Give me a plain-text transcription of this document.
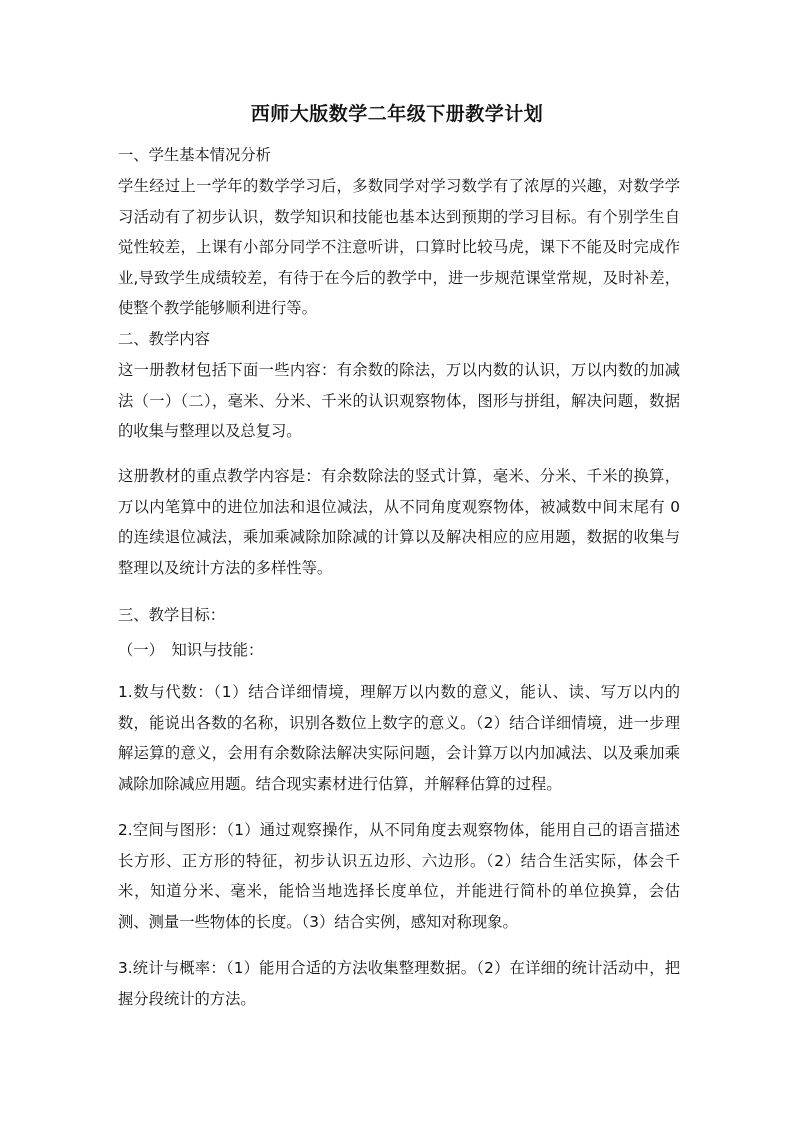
西师大版数学二年级下册教学计划

一、学生基本情况分析

学生经过上一学年的数学学习后，多数同学对学习数学有了浓厚的兴趣，对数学学习活动有了初步认识，数学知识和技能也基本达到预期的学习目标。有个别学生自觉性较差，上课有小部分同学不注意听讲，口算时比较马虎，课下不能及时完成作业,导致学生成绩较差，有待于在今后的教学中，进一步规范课堂常规，及时补差，使整个教学能够顺利进行等。

二、教学内容

这一册教材包括下面一些内容：有余数的除法，万以内数的认识，万以内数的加减法（一）（二），毫米、分米、千米的认识观察物体，图形与拼组，解决问题，数据的收集与整理以及总复习。

这册教材的重点教学内容是：有余数除法的竖式计算，毫米、分米、千米的换算，万以内笔算中的进位加法和退位减法，从不同角度观察物体，被减数中间末尾有 0 的连续退位减法，乘加乘减除加除减的计算以及解决相应的应用题，数据的收集与整理以及统计方法的多样性等。

三、教学目标：

（一）　知识与技能：

1.数与代数：（1）结合详细情境，理解万以内数的意义，能认、读、写万以内的数，能说出各数的名称，识别各数位上数字的意义。（2）结合详细情境，进一步理解运算的意义，会用有余数除法解决实际问题，会计算万以内加减法、以及乘加乘减除加除减应用题。结合现实素材进行估算，并解释估算的过程。

2.空间与图形：（1）通过观察操作，从不同角度去观察物体，能用自己的语言描述长方形、正方形的特征，初步认识五边形、六边形。（2）结合生活实际，体会千米，知道分米、毫米，能恰当地选择长度单位，并能进行简朴的单位换算，会估测、测量一些物体的长度。（3）结合实例，感知对称现象。

3.统计与概率：（1）能用合适的方法收集整理数据。（2）在详细的统计活动中，把握分段统计的方法。
